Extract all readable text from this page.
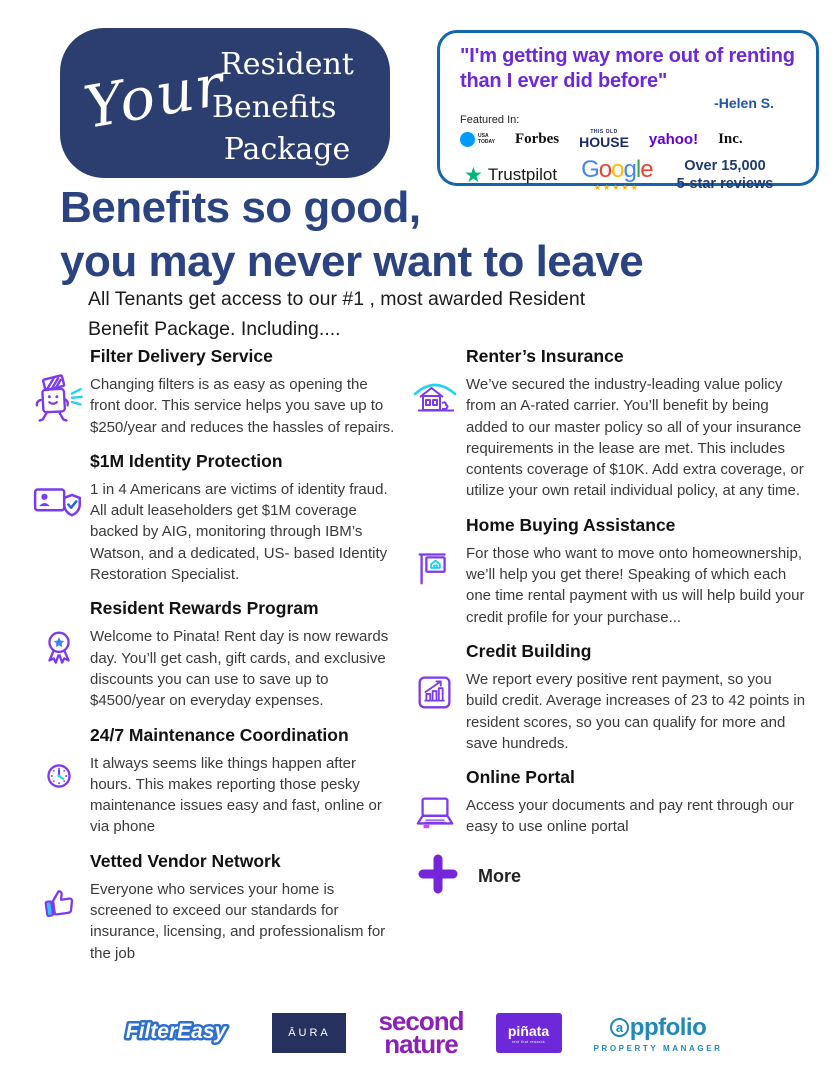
Your
Resident
Benefits
Package
"I'm getting way more out of renting than I ever did before"
-Helen S.
Featured In:
USA
TODAY Forbes	THIS OLD
HOUSE yahoo! Inc.
★ Trustpilot Google
★★★★★
Over 15,000
5-star reviews
Benefits so good,
you may never want to leave
All Tenants get access to our #1 , most awarded Resident
Benefit Package. Including....
Filter Delivery Service
Changing filters is as easy as opening the front door. This service helps you save up to $250/year and reduces the hassles of repairs.
$1M Identity Protection
1 in 4 Americans are victims of identity fraud. All adult leaseholders get $1M coverage backed by AIG, monitoring through IBM’s Watson, and a dedicated, US- based Identity Restoration Specialist.
Resident Rewards Program
Welcome to Pinata! Rent day is now rewards day. You’ll get cash, gift cards, and exclusive discounts you can use to save up to $4500/year on everyday expenses.
24/7 Maintenance Coordination
It always seems like things happen after hours. This makes reporting those pesky maintenance issues easy and fast, online or via phone
Vetted Vendor Network
Everyone who services your home is screened to exceed our standards for insurance, licensing, and professionalism for the job
Renter’s Insurance
We’ve secured the industry-leading value policy from an A-rated carrier. You’ll benefit by being added to our master policy so all of your insurance requirements in the lease are met. This includes contents coverage of $10K. Add extra coverage, or utilize your own retail individual policy, at any time.
Home Buying Assistance
For those who want to move onto homeownership, we’ll help you get there! Speaking of which each one time rental payment with us will help build your credit profile for your purchase...
Credit Building
We report every positive rent payment, so you build credit. Average increases of 23 to 42 points in resident scores, so you can qualify for more and save hundreds.
Online Portal
Access your documents and pay rent through our easy to use online portal
More
FilterEasy	ĀURA	second
nature	piñata
rent that rewards
a ppfolio
PROPERTY MANAGER
